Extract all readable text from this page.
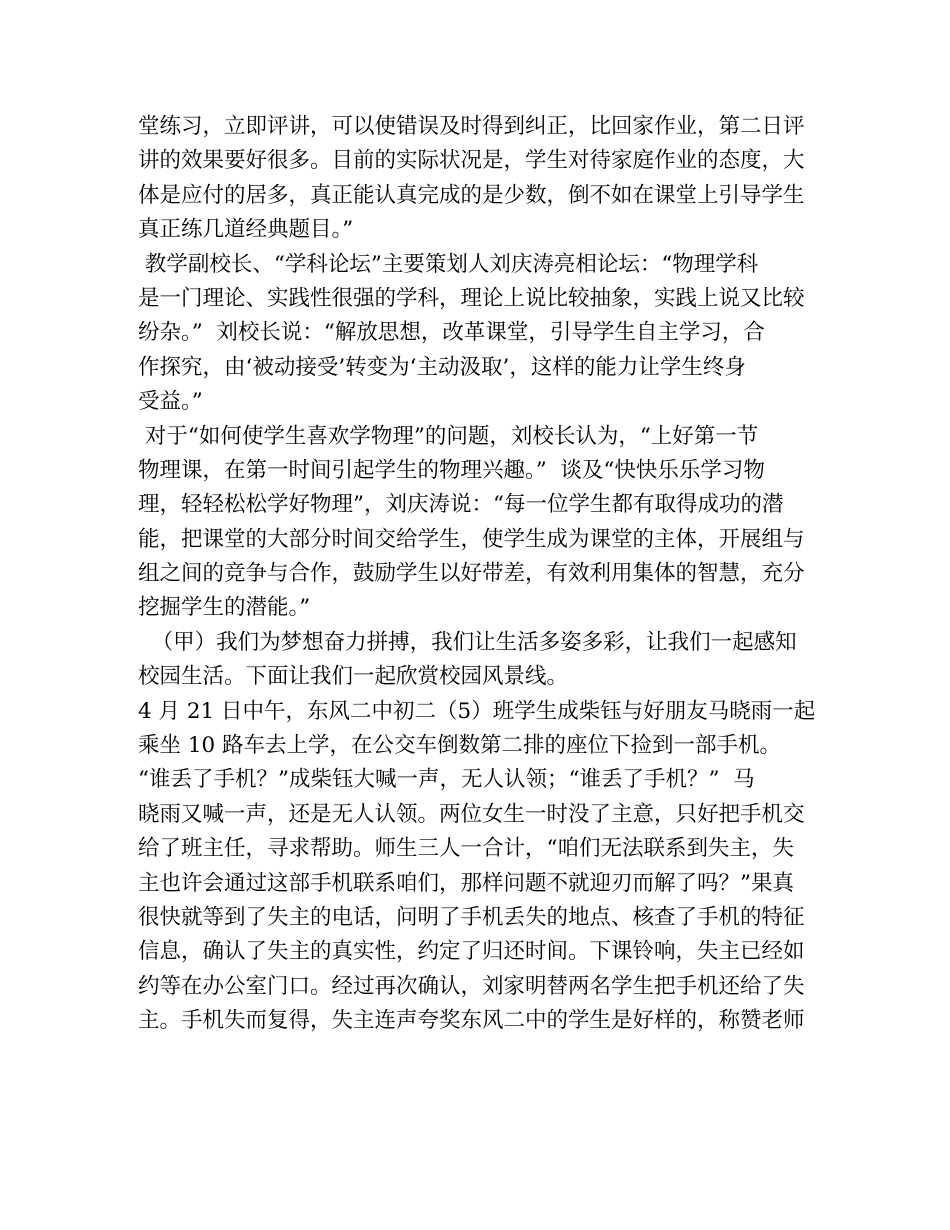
堂练习，立即评讲，可以使错误及时得到纠正，比回家作业，第二日评
讲的效果要好很多。目前的实际状况是，学生对待家庭作业的态度，大
体是应付的居多，真正能认真完成的是少数，倒不如在课堂上引导学生
真正练几道经典题目。”
教学副校长、“学科论坛”主要策划人刘庆涛亮相论坛：“物理学科
是一门理论、实践性很强的学科，理论上说比较抽象，实践上说又比较
纷杂。”  刘校长说：“解放思想，改革课堂，引导学生自主学习，合
作探究，由‘被动接受’转变为‘主动汲取’，这样的能力让学生终身
受益。”
对于“如何使学生喜欢学物理”的问题，刘校长认为，“上好第一节
物理课，在第一时间引起学生的物理兴趣。”  谈及“快快乐乐学习物
理，轻轻松松学好物理”，刘庆涛说：“每一位学生都有取得成功的潜
能，把课堂的大部分时间交给学生，使学生成为课堂的主体，开展组与
组之间的竞争与合作，鼓励学生以好带差，有效利用集体的智慧，充分
挖掘学生的潜能。”
（甲）我们为梦想奋力拼搏，我们让生活多姿多彩，让我们一起感知
校园生活。下面让我们一起欣赏校园风景线。
4 月 21 日中午，东风二中初二（5）班学生成柴钰与好朋友马晓雨一起
乘坐 10 路车去上学，在公交车倒数第二排的座位下捡到一部手机。
“谁丢了手机？”成柴钰大喊一声，无人认领；“谁丢了手机？”  马
晓雨又喊一声，还是无人认领。两位女生一时没了主意，只好把手机交
给了班主任，寻求帮助。师生三人一合计，“咱们无法联系到失主，失
主也许会通过这部手机联系咱们，那样问题不就迎刃而解了吗？”果真
很快就等到了失主的电话，问明了手机丢失的地点、核查了手机的特征
信息，确认了失主的真实性，约定了归还时间。下课铃响，失主已经如
约等在办公室门口。经过再次确认，刘家明替两名学生把手机还给了失
主。手机失而复得，失主连声夸奖东风二中的学生是好样的，称赞老师
